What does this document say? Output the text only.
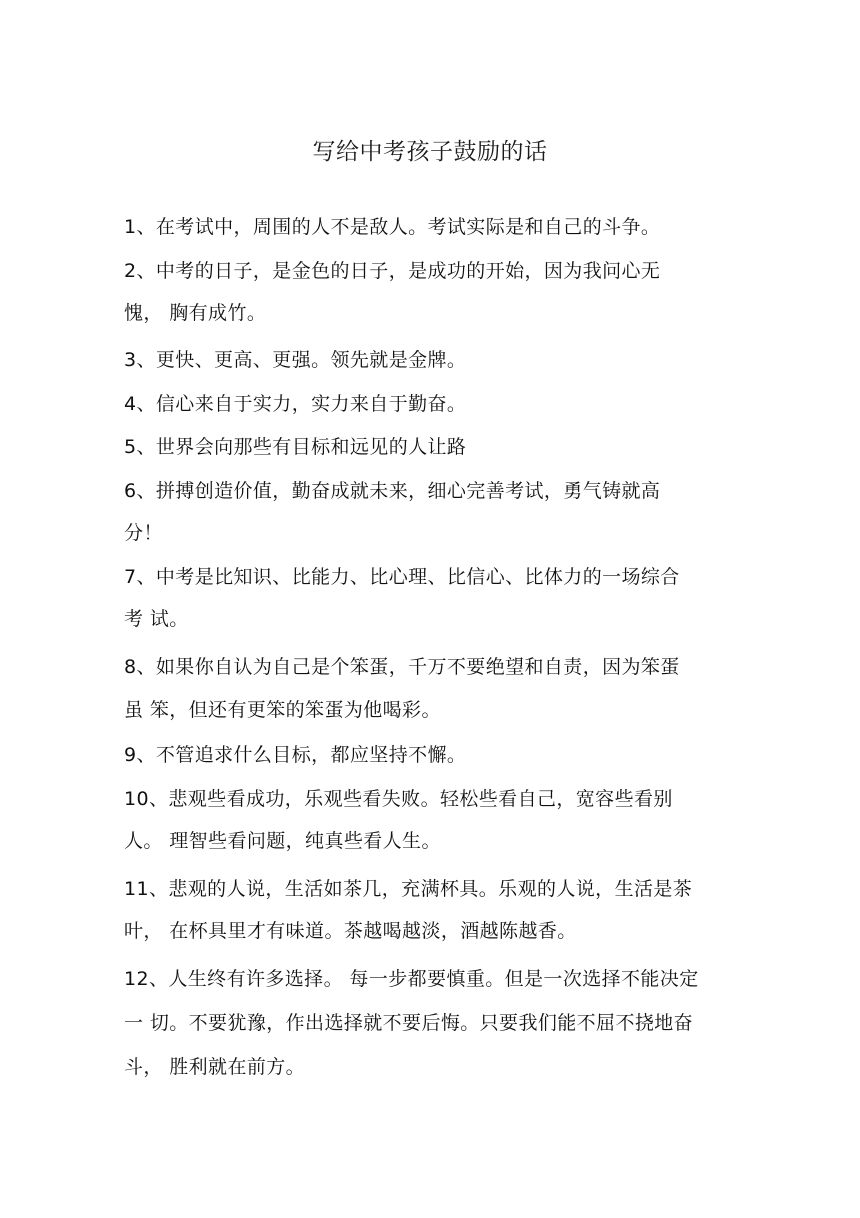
写给中考孩子鼓励的话
1、在考试中，周围的人不是敌人。考试实际是和自己的斗争。
2、中考的日子，是金色的日子，是成功的开始，因为我问心无
愧， 胸有成竹。
3、更快、更高、更强。领先就是金牌。
4、信心来自于实力，实力来自于勤奋。
5、世界会向那些有目标和远见的人让路
6、拼搏创造价值，勤奋成就未来，细心完善考试，勇气铸就高
分！
7、中考是比知识、比能力、比心理、比信心、比体力的一场综合
考 试。
8、如果你自认为自己是个笨蛋，千万不要绝望和自责，因为笨蛋
虽 笨，但还有更笨的笨蛋为他喝彩。
9、不管追求什么目标，都应坚持不懈。
10、悲观些看成功，乐观些看失败。轻松些看自己，宽容些看别
人。 理智些看问题，纯真些看人生。
11、悲观的人说，生活如茶几，充满杯具。乐观的人说，生活是茶
叶， 在杯具里才有味道。茶越喝越淡，酒越陈越香。
12、人生终有许多选择。 每一步都要慎重。但是一次选择不能决定
一 切。不要犹豫，作出选择就不要后悔。只要我们能不屈不挠地奋
斗， 胜利就在前方。
